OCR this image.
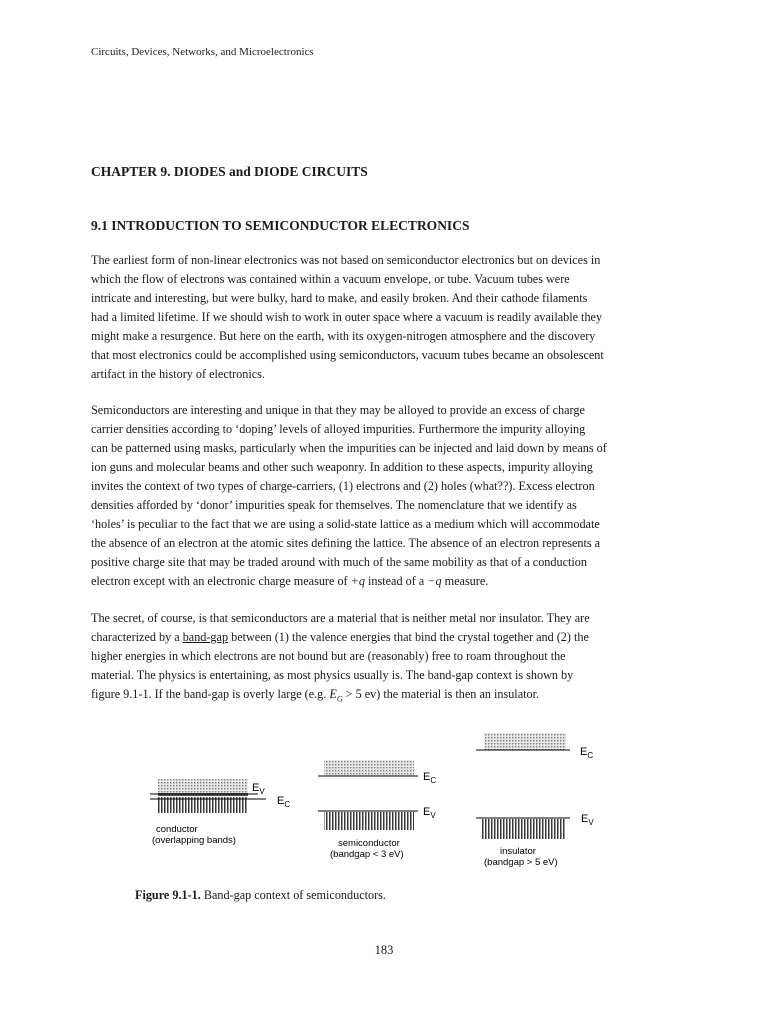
Circuits, Devices, Networks, and Microelectronics
CHAPTER 9. DIODES and DIODE CIRCUITS
9.1 INTRODUCTION TO SEMICONDUCTOR ELECTRONICS

The earliest form of non-linear electronics was not based on semiconductor electronics but on devices in
which the flow of electrons was contained within a vacuum envelope, or tube. Vacuum tubes were
intricate and interesting, but were bulky, hard to make, and easily broken. And their cathode filaments
had a limited lifetime. If we should wish to work in outer space where a vacuum is readily available they
might make a resurgence. But here on the earth, with its oxygen-nitrogen atmosphere and the discovery
that most electronics could be accomplished using semiconductors, vacuum tubes became an obsolescent
artifact in the history of electronics.

Semiconductors are interesting and unique in that they may be alloyed to provide an excess of charge
carrier densities according to ‘doping’ levels of alloyed impurities. Furthermore the impurity alloying
can be patterned using masks, particularly when the impurities can be injected and laid down by means of
ion guns and molecular beams and other such weaponry. In addition to these aspects, impurity alloying
invites the context of two types of charge-carriers, (1) electrons and (2) holes (what??). Excess electron
densities afforded by ‘donor’ impurities speak for themselves. The nomenclature that we identify as
‘holes’ is peculiar to the fact that we are using a solid-state lattice as a medium which will accommodate
the absence of an electron at the atomic sites defining the lattice. The absence of an electron represents a
positive charge site that may be traded around with much of the same mobility as that of a conduction
electron except with an electronic charge measure of +q instead of a −q measure.

The secret, of course, is that semiconductors are a material that is neither metal nor insulator. They are
characterized by a band-gap between (1) the valence energies that bind the crystal together and (2) the
higher energies in which electrons are not bound but are (reasonably) free to roam throughout the
material. The physics is entertaining, as most physics usually is. The band-gap context is shown by
figure 9.1-1. If the band-gap is overly large (e.g. $E_G > 5$ ev) the material is then an insulator.

$E_V$
$E_C$
conductor
(overlapping bands)
$E_C$
$E_V$
semiconductor
(bandgap < 3 eV)
$E_C$
$E_V$
insulator
(bandgap > 5 eV)
Figure 9.1-1. Band-gap context of semiconductors.
183
